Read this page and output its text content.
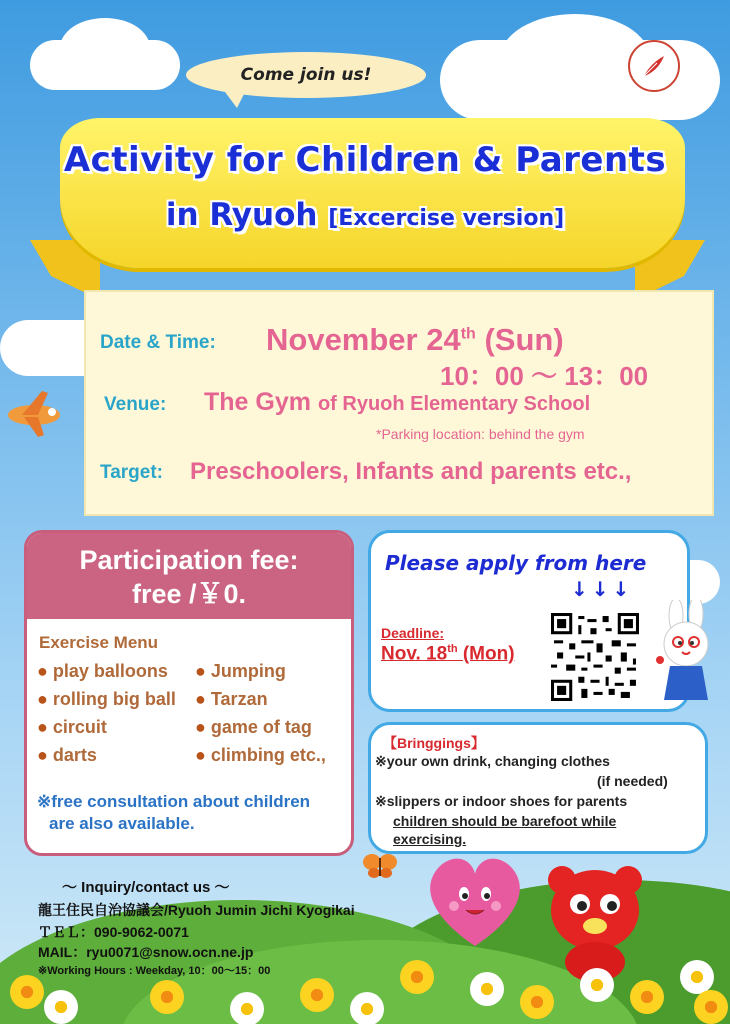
Come join us!
Activity for Children & Parents
in Ryuoh [Excercise version]
Date & Time: November 24th (Sun)
10：00 ～ 13：00
Venue: The Gym of Ryuoh Elementary School
*Parking location: behind the gym
Target: Preschoolers, Infants and parents etc.,
Participation fee:
free /￥0.
Exercise Menu
● play balloons
● rolling big ball
● circuit
● darts
● Jumping
● Tarzan
● game of tag
● climbing etc.,
※free consultation about children
are also available.
Please apply from here
↓↓↓
Deadline:
Nov. 18th (Mon)
【Bringgings】
※your own drink, changing clothes
(if needed)
※slippers or indoor shoes for parents
children should be barefoot while
exercising.
～ Inquiry/contact us ～
龍王住民自治協議会/Ryuoh Jumin Jichi Kyogikai
ＴＥＬ：090-9062-0071
MAIL：ryu0071@snow.ocn.ne.jp
※Working Hours : Weekday, 10：00～15：00
